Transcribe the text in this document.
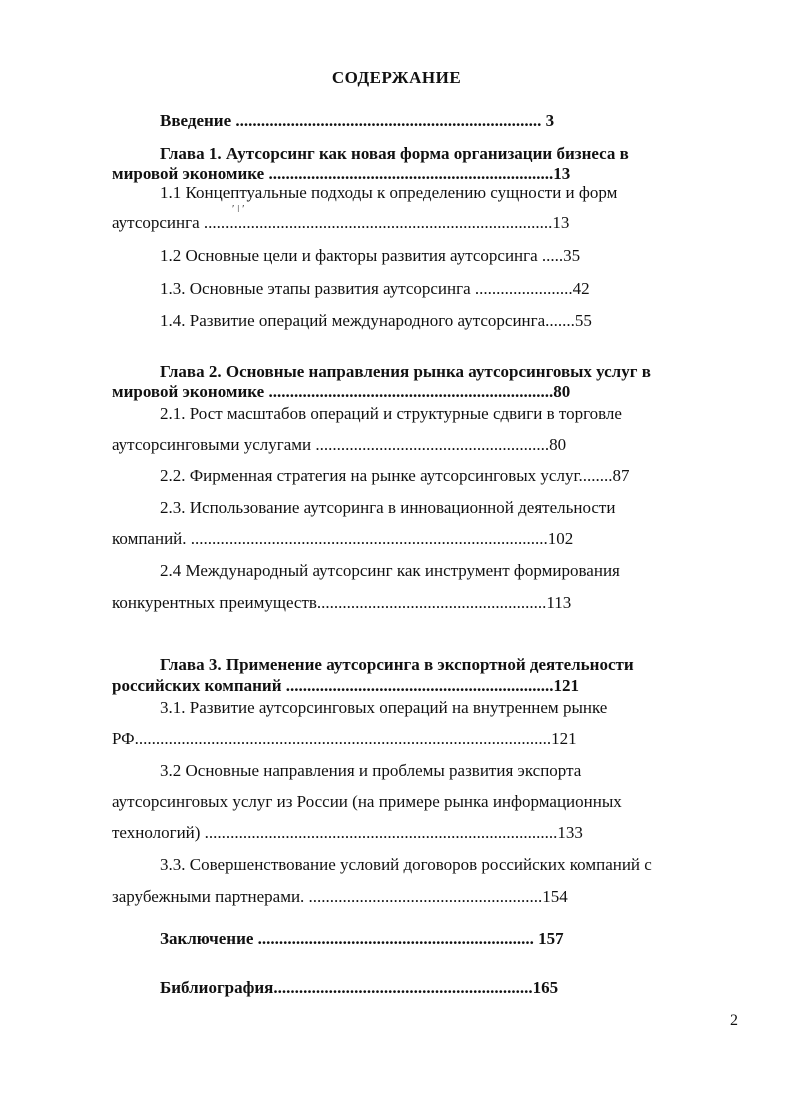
СОДЕРЖАНИЕ
Введение ........................................................................ 3
Глава 1. Аутсорсинг как новая форма организации бизнеса в
мировой экономике ...................................................................13
1.1 Концептуальные подходы к определению сущности и форм
ʹ ǀ ʹ
аутсорсинга ..................................................................................13
1.2 Основные цели и факторы развития аутсорсинга .....35
1.3. Основные этапы развития аутсорсинга .......................42
1.4. Развитие операций международного аутсорсинга.......55
Глава 2. Основные направления рынка аутсорсинговых услуг в
мировой экономике ...................................................................80
2.1. Рост масштабов операций и структурные сдвиги в торговле
аутсорсинговыми услугами .......................................................80
2.2. Фирменная стратегия на рынке аутсорсинговых услуг........87
2.3. Использование аутсоринга в инновационной деятельности
компаний. ....................................................................................102
2.4 Международный аутсорсинг как инструмент формирования
конкурентных преимуществ......................................................113
Глава 3. Применение аутсорсинга в экспортной деятельности
российских компаний ...............................................................121
3.1. Развитие аутсорсинговых операций на внутреннем рынке
РФ..................................................................................................121
3.2 Основные направления и проблемы развития экспорта
аутсорсинговых услуг из России (на примере рынка информационных
технологий) ...................................................................................133
3.3. Совершенствование условий договоров российских компаний с
зарубежными партнерами. .......................................................154
Заключение ................................................................. 157
Библиография.............................................................165
2
